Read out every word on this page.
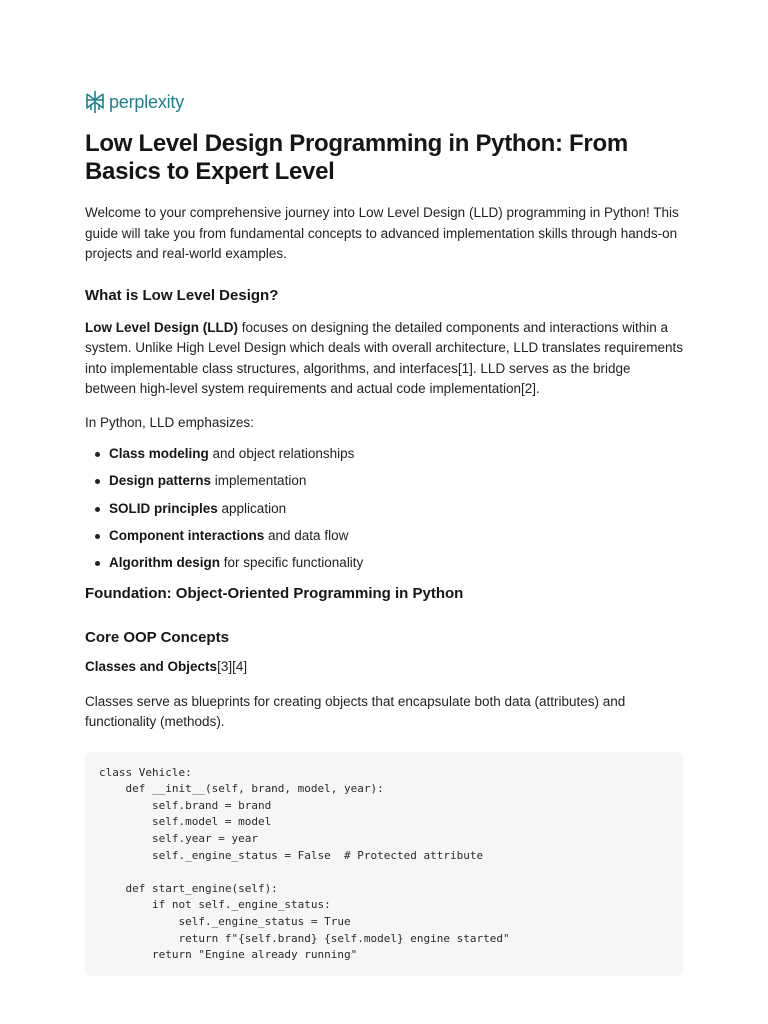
perplexity
Low Level Design Programming in Python: From Basics to Expert Level

Welcome to your comprehensive journey into Low Level Design (LLD) programming in Python! This guide will take you from fundamental concepts to advanced implementation skills through hands-on projects and real-world examples.

What is Low Level Design?

Low Level Design (LLD) focuses on designing the detailed components and interactions within a system. Unlike High Level Design which deals with overall architecture, LLD translates requirements into implementable class structures, algorithms, and interfaces[1]. LLD serves as the bridge between high-level system requirements and actual code implementation[2].

In Python, LLD emphasizes:

Class modeling and object relationships
Design patterns implementation
SOLID principles application
Component interactions and data flow
Algorithm design for specific functionality
Foundation: Object-Oriented Programming in Python
Core OOP Concepts

Classes and Objects[3][4]

Classes serve as blueprints for creating objects that encapsulate both data (attributes) and functionality (methods).

class Vehicle:
def __init__(self, brand, model, year):
self.brand = brand
self.model = model
self.year = year
self._engine_status = False  # Protected attribute

def start_engine(self):
if not self._engine_status:
self._engine_status = True
return f"{self.brand} {self.model} engine started"
return "Engine already running"
